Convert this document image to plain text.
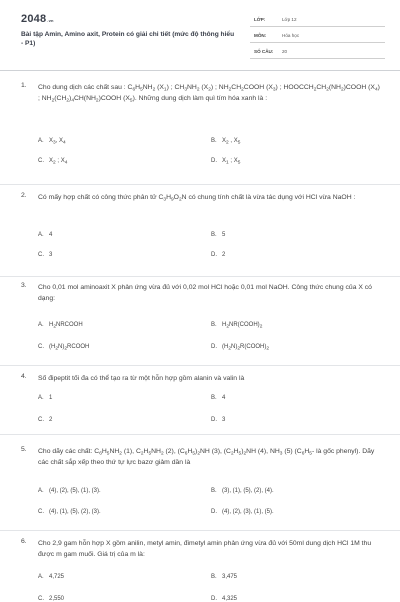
2048.vn
Bài tập Amin, Amino axit, Protein có giải chi tiết (mức độ thông hiểu - P1)
LỚP:	Lớp 12
MÔN:	Hóa học
SỐ CÂU: 20
1. Cho dung dịch các chất sau : $C_6H_5NH_2$ $(X_1)$ ; $CH_3NH_2$ $(X_2)$ ; $NH_2CH_2COOH$ $(X_3)$ ; $HOOCCH_2CH_2(NH_2)COOH$ $(X_4)$ ; $NH_2(CH_2)_4CH(NH_2)COOH$ $(X_5)$. Những dung dịch làm quì tím hóa xanh là :
A. $X_3$, $X_4$	B. $X_2$ , $X_5$
C. $X_2$ ; $X_4$	D. $X_1$ ; $X_5$
2. Có mấy hợp chất có công thức phân tử $C_3H_9O_2N$ có chung tính chất là vừa tác dụng với HCl vừa NaOH :
A. 4	B. 5
C. 3	D. 2
3. Cho 0,01 mol aminoaxit X phản ứng vừa đủ với 0,02 mol HCl hoặc 0,01 mol NaOH. Công thức chung của X có dạng:
A. $H_2NRCOOH$	B. $H_2NR(COOH)_2$
C. $(H_2N)_2RCOOH$	D. $(H_2N)_2R(COOH)_2$
4. Số đipeptit tối đa có thể tạo ra từ một hỗn hợp gồm alanin và valin là
A. 1	B. 4
C. 2	D. 3
5. Cho dãy các chất: $C_6H_5NH_2$ (1), $C_2H_5NH_2$ (2), $(C_6H_5)_2NH$ (3), $(C_2H_5)_2NH$ (4), $NH_3$ (5) ($C_6H_5-$ là gốc phenyl). Dãy các chất sắp xếp theo thứ tự lực bazơ giảm dần là
A. (4), (2), (5), (1), (3).	B. (3), (1), (5), (2), (4).
C. (4), (1), (5), (2), (3).	D. (4), (2), (3), (1), (5).
6. Cho 2,9 gam hỗn hợp X gồm anilin, metyl amin, đimetyl amin phản ứng vừa đủ với 50ml dung dịch HCl 1M thu được m gam muối. Giá trị của m là:
A. 4,725	B. 3,475
C. 2,550	D. 4,325
